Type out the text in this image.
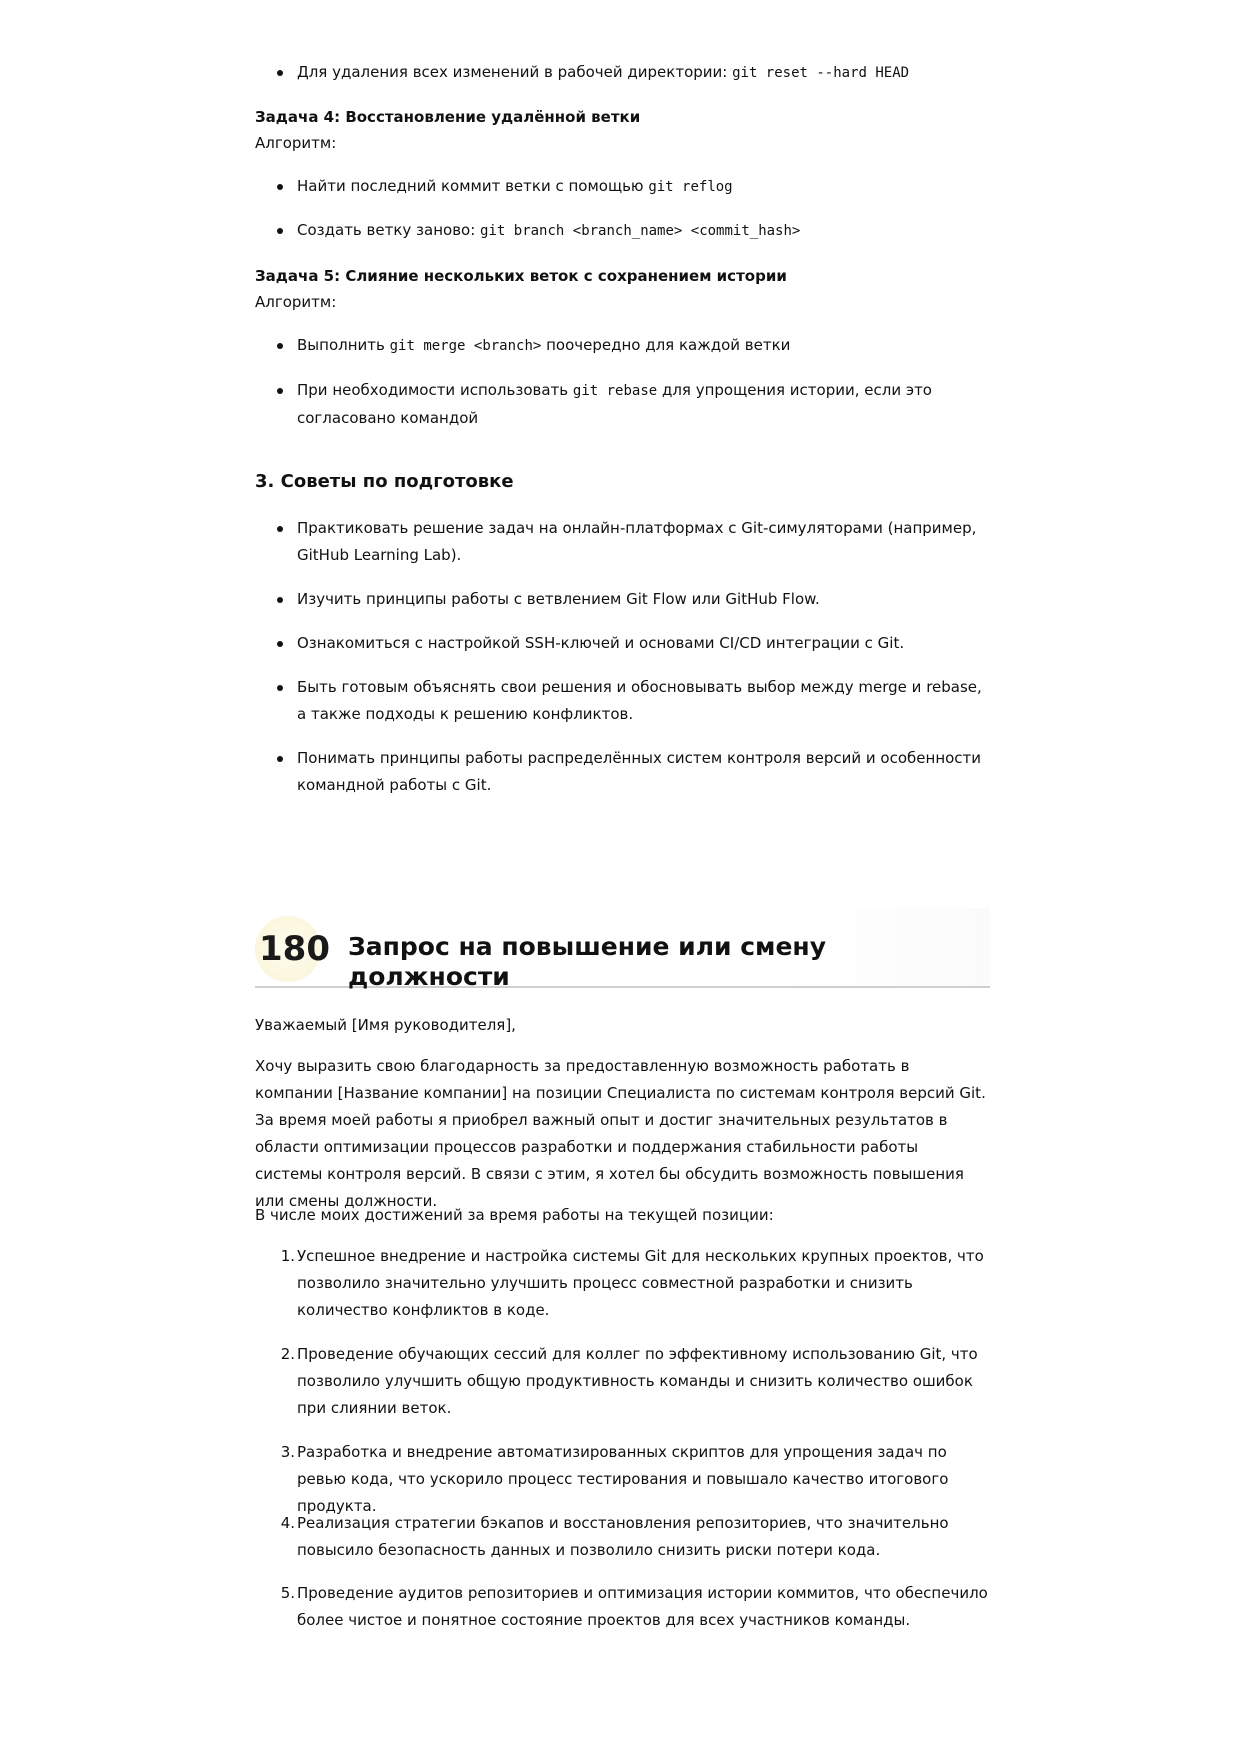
Для удаления всех изменений в рабочей директории: git reset --hard HEAD
Задача 4: Восстановление удалённой ветки
Алгоритм:
Найти последний коммит ветки с помощью git reflog
Создать ветку заново: git branch <branch_name> <commit_hash>
Задача 5: Слияние нескольких веток с сохранением истории
Алгоритм:
Выполнить git merge <branch> поочередно для каждой ветки
При необходимости использовать git rebase для упрощения истории, если это согласовано командой
3. Советы по подготовке
Практиковать решение задач на онлайн-платформах с Git-симуляторами (например, GitHub Learning Lab).
Изучить принципы работы с ветвлением Git Flow или GitHub Flow.
Ознакомиться с настройкой SSH-ключей и основами CI/CD интеграции с Git.
Быть готовым объяснять свои решения и обосновывать выбор между merge и rebase, а также подходы к решению конфликтов.
Понимать принципы работы распределённых систем контроля версий и особенности командной работы с Git.
180 Запрос на повышение или смену должности
Уважаемый [Имя руководителя],
Хочу выразить свою благодарность за предоставленную возможность работать в компании [Название компании] на позиции Специалиста по системам контроля версий Git. За время моей работы я приобрел важный опыт и достиг значительных результатов в области оптимизации процессов разработки и поддержания стабильности работы системы контроля версий. В связи с этим, я хотел бы обсудить возможность повышения или смены должности.
В числе моих достижений за время работы на текущей позиции:
1. Успешное внедрение и настройка системы Git для нескольких крупных проектов, что позволило значительно улучшить процесс совместной разработки и снизить количество конфликтов в коде.
2. Проведение обучающих сессий для коллег по эффективному использованию Git, что позволило улучшить общую продуктивность команды и снизить количество ошибок при слиянии веток.
3. Разработка и внедрение автоматизированных скриптов для упрощения задач по ревью кода, что ускорило процесс тестирования и повышало качество итогового продукта.
4. Реализация стратегии бэкапов и восстановления репозиториев, что значительно повысило безопасность данных и позволило снизить риски потери кода.
5. Проведение аудитов репозиториев и оптимизация истории коммитов, что обеспечило более чистое и понятное состояние проектов для всех участников команды.
